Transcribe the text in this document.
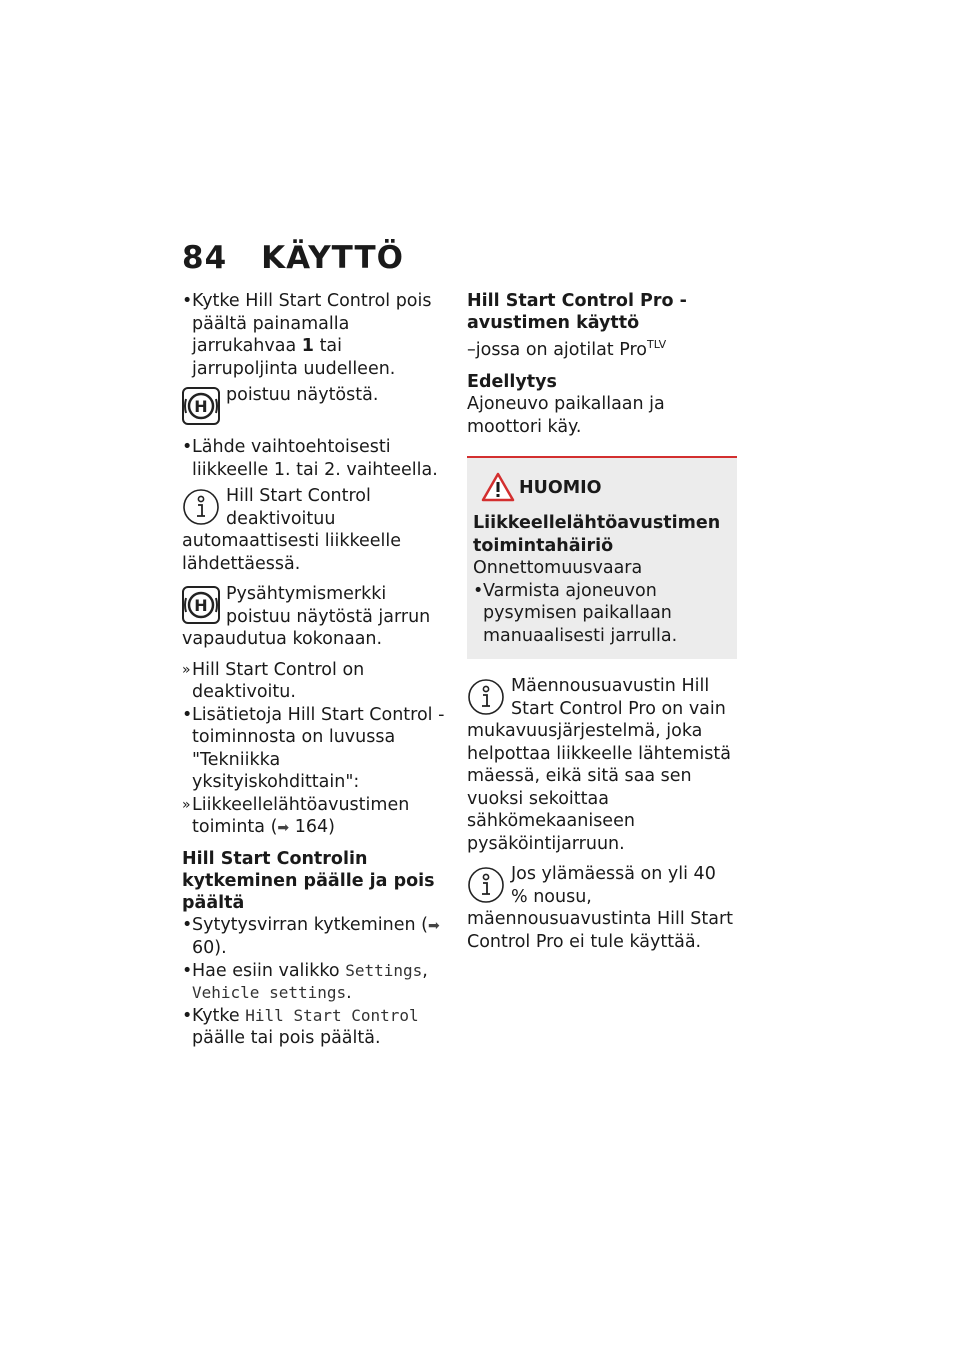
84 KÄYTTÖ

• Kytke Hill Start Control pois päältä painamalla jarrukahvaa 1 tai jarrupoljinta uudelleen.

H
poistuu näytöstä.

• Lähde vaihtoehtoisesti liikkeelle 1. tai 2. vaihteella.

Hill Start Control deaktivoituu automaattisesti liikkeelle lähdettäessä.
H
Pysähtymismerkki poistuu näytöstä jarrun vapaudutua kokonaan.

» Hill Start Control on deaktivoitu.

• Lisätietoja Hill Start Control -toiminnosta on luvussa "Tekniikka yksityiskohdittain":

» Liikkeellelähtöavustimen toiminta (➡ 164)

Hill Start Controlin kytkeminen päälle ja pois päältä

• Sytytysvirran kytkeminen (➡ 60).

• Hae esiin valikko Settings, Vehicle settings.

• Kytke Hill Start Control päälle tai pois päältä.

Hill Start Control Pro -avustimen käyttö

–jossa on ajotilat Pro$^{TLV}$

Edellytys

Ajoneuvo paikallaan ja moottori käy.

HUOMIO
Liikkeellelähtöavustimen toimintahäiriö
Onnettomuusvaara

• Varmista ajoneuvon pysymisen paikallaan manuaalisesti jarrulla.

Mäennousuavustin Hill Start Control Pro on vain mukavuusjärjestelmä, joka helpottaa liikkeelle lähtemistä mäessä, eikä sitä saa sen vuoksi sekoittaa sähkömekaaniseen pysäköintijarruun.
Jos ylämäessä on yli 40 % nousu, mäennousuavustinta Hill Start Control Pro ei tule käyttää.
